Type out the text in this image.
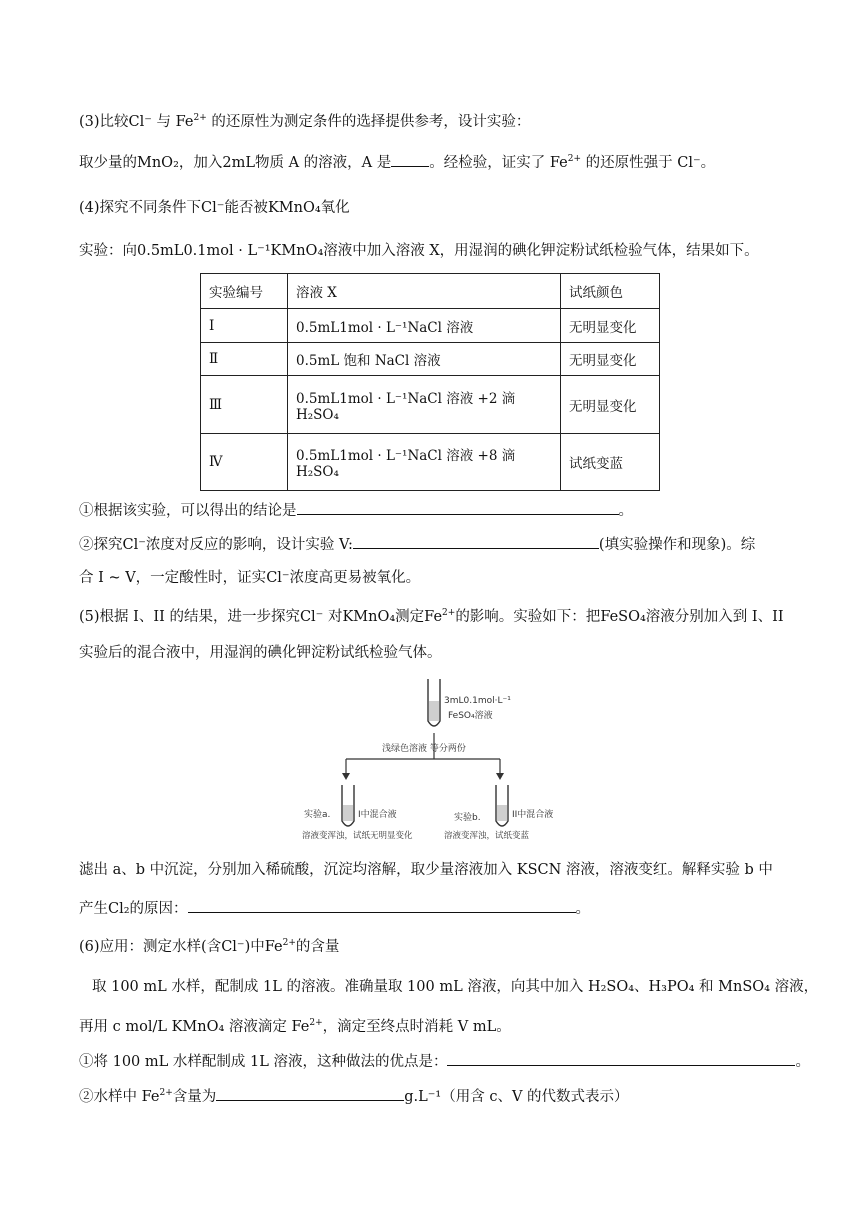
(3)比较Cl⁻ 与 $Fe^{2+}$ 的还原性为测定条件的选择提供参考，设计实验：
取少量的MnO₂，加入2mL物质 A 的溶液，A 是	。经检验，证实了 $Fe^{2+}$ 的还原性强于 Cl⁻。
(4)探究不同条件下Cl⁻能否被KMnO₄氧化
实验：向0.5mL0.1mol · L⁻¹KMnO₄溶液中加入溶液 X，用湿润的碘化钾淀粉试纸检验气体，结果如下。
实验编号	溶液 X	试纸颜色
I	0.5mL1mol · L⁻¹NaCl 溶液	无明显变化
Ⅱ	0.5mL 饱和 NaCl 溶液	无明显变化
Ⅲ	0.5mL1mol · L⁻¹NaCl 溶液 +2 滴 H₂SO₄	无明显变化
Ⅳ	0.5mL1mol · L⁻¹NaCl 溶液 +8 滴 H₂SO₄	试纸变蓝
①根据该实验，可以得出的结论是	。
②探究Cl⁻浓度对反应的影响，设计实验 V:	(填实验操作和现象)。综
合 I ~ V，一定酸性时，证实Cl⁻浓度高更易被氧化。
(5)根据 I、II 的结果，进一步探究Cl⁻ 对KMnO₄测定$Fe^{2+}$的影响。实验如下：把FeSO₄溶液分别加入到 I、II
实验后的混合液中，用湿润的碘化钾淀粉试纸检验气体。
3mL0.1mol·L⁻¹
FeSO₄溶液
浅绿色溶液 等分两份
实验a.	I中混合液
溶液变浑浊，试纸无明显变化
实验b.	II中混合液
溶液变浑浊，试纸变蓝
滤出 a、b 中沉淀，分别加入稀硫酸，沉淀均溶解，取少量溶液加入 KSCN 溶液，溶液变红。解释实验 b 中
产生Cl₂的原因：	。
(6)应用：测定水样(含Cl⁻)中$Fe^{2+}$的含量
取 100 mL 水样，配制成 1L 的溶液。准确量取 100 mL 溶液，向其中加入 H₂SO₄、H₃PO₄ 和 MnSO₄ 溶液，
再用 c mol/L KMnO₄ 溶液滴定 $Fe^{2+}$，滴定至终点时消耗 V mL。
①将 100 mL 水样配制成 1L 溶液，这种做法的优点是：	。
②水样中 $Fe^{2+}$含量为	g.L⁻¹（用含 c、V 的代数式表示）
